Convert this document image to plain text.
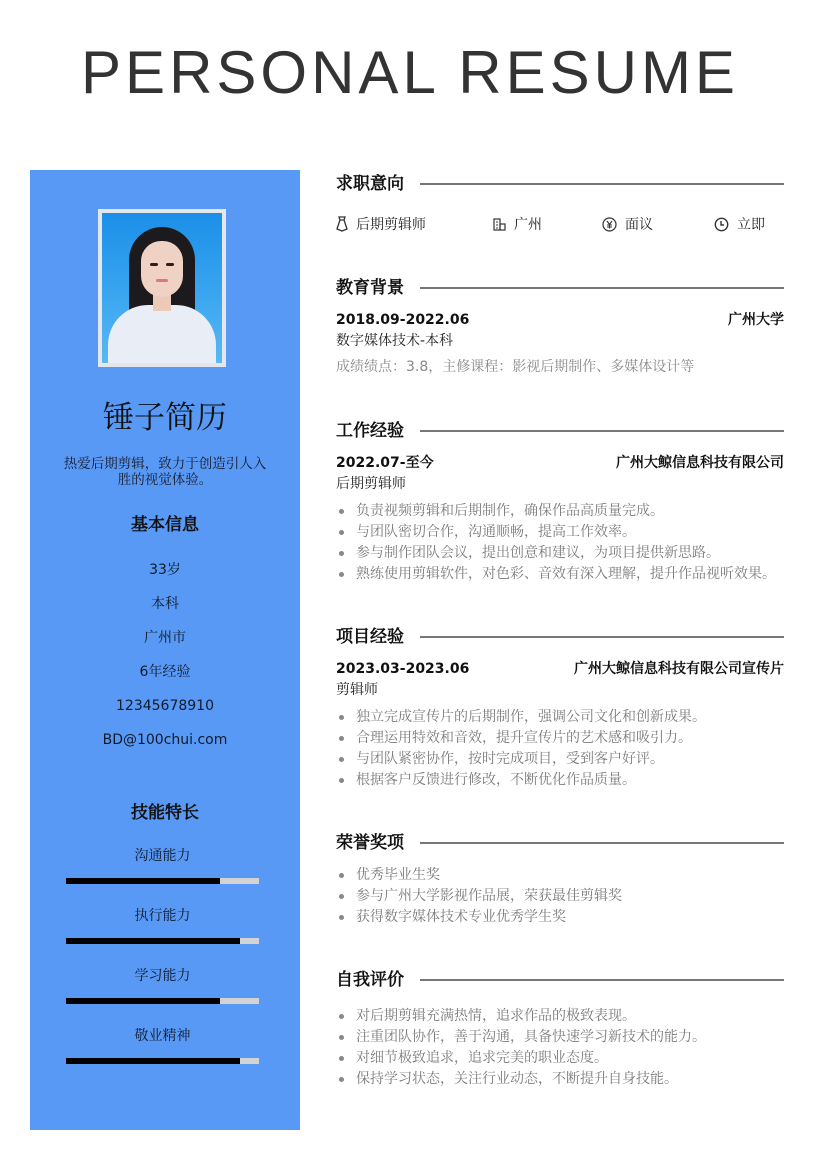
PERSONAL RESUME
锤子简历
热爱后期剪辑，致力于创造引人入胜的视觉体验。
基本信息
33岁
本科
广州市
6年经验
12345678910
BD@100chui.com
技能特长
沟通能力
执行能力
学习能力
敬业精神
求职意向
后期剪辑师	广州	面议	立即
教育背景
2018.09-2022.06	广州大学
数字媒体技术-本科
成绩绩点：3.8，主修课程：影视后期制作、多媒体设计等
工作经验
2022.07-至今	广州大鲸信息科技有限公司
后期剪辑师
负责视频剪辑和后期制作，确保作品高质量完成。
与团队密切合作，沟通顺畅，提高工作效率。
参与制作团队会议，提出创意和建议，为项目提供新思路。
熟练使用剪辑软件，对色彩、音效有深入理解，提升作品视听效果。
项目经验
2023.03-2023.06	广州大鲸信息科技有限公司宣传片
剪辑师
独立完成宣传片的后期制作，强调公司文化和创新成果。
合理运用特效和音效，提升宣传片的艺术感和吸引力。
与团队紧密协作，按时完成项目，受到客户好评。
根据客户反馈进行修改，不断优化作品质量。
荣誉奖项
优秀毕业生奖
参与广州大学影视作品展，荣获最佳剪辑奖
获得数字媒体技术专业优秀学生奖
自我评价
对后期剪辑充满热情，追求作品的极致表现。
注重团队协作，善于沟通，具备快速学习新技术的能力。
对细节极致追求，追求完美的职业态度。
保持学习状态，关注行业动态，不断提升自身技能。
